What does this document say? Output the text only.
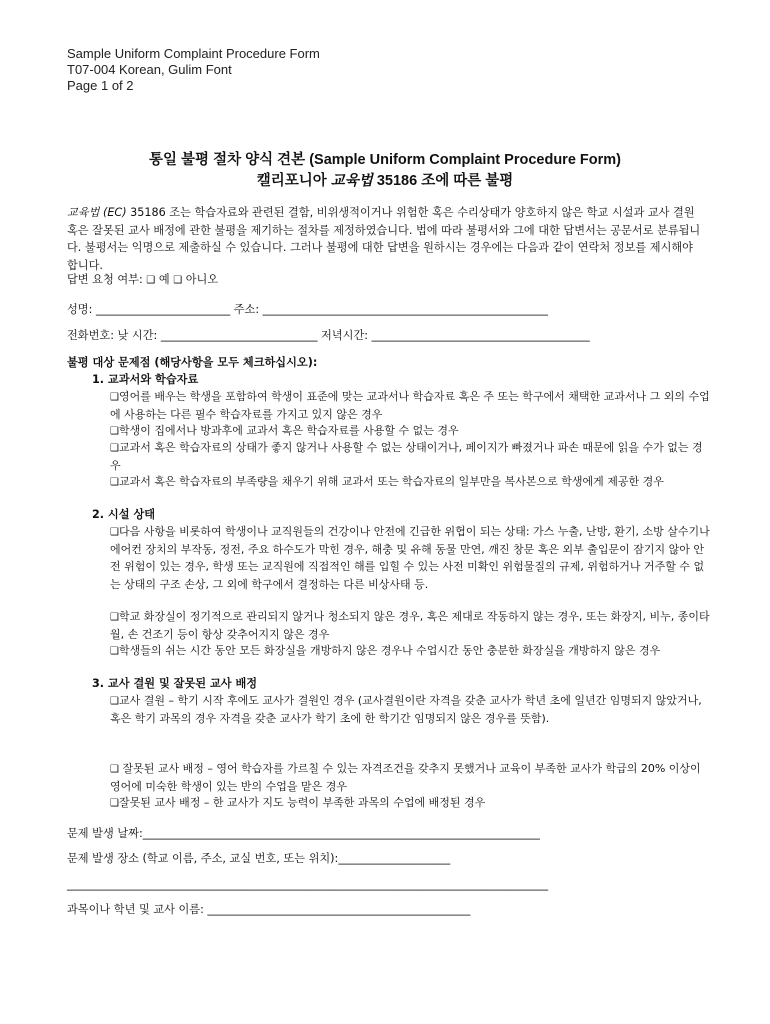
Sample Uniform Complaint Procedure Form
T07-004 Korean, Gulim Font
Page 1 of 2
통일 불평 절차 양식 견본 (Sample Uniform Complaint Procedure Form)
캘리포니아 교육법 35186 조에 따른 불평
교육법 (EC) 35186 조는 학습자료와 관련된 결함, 비위생적이거나 위험한 혹은 수리상태가 양호하지 않은 학교 시설과 교사 결원 혹은 잘못된 교사 배정에 관한 불평을 제기하는 절차를 제정하였습니다. 법에 따라 불평서와 그에 대한 답변서는 공문서로 분류됩니다. 불평서는 익명으로 제출하실 수 있습니다. 그러나 불평에 대한 답변을 원하시는 경우에는 다음과 같이 연락처 정보를 제시해야 합니다.
답변 요청 여부: ❑ 예 ❑ 아니오
성명: ________________________ 주소: ___________________________________________________
전화번호: 낮 시간: ____________________________ 저녁시간: _______________________________________
불평 대상 문제점 (해당사항을 모두 체크하십시오):
1. 교과서와 학습자료
❑영어를 배우는 학생을 포함하여 학생이 표준에 맞는 교과서나 학습자료 혹은 주 또는 학구에서 채택한 교과서나 그 외의 수업에 사용하는 다른 필수 학습자료를 가지고 있지 않은 경우
❑학생이 집에서나 방과후에 교과서 혹은 학습자료를 사용할 수 없는 경우
❑교과서 혹은 학습자료의 상태가 좋지 않거나 사용할 수 없는 상태이거나, 페이지가 빠졌거나 파손 때문에 읽을 수가 없는 경우
❑교과서 혹은 학습자료의 부족량을 채우기 위해 교과서 또는 학습자료의 일부만을 복사본으로 학생에게 제공한 경우
2. 시설 상태
❑다음 사항을 비롯하여 학생이나 교직원들의 건강이나 안전에 긴급한 위협이 되는 상태: 가스 누출, 난방, 환기, 소방 살수기나 에어컨 장치의 부작동, 정전, 주요 하수도가 막힌 경우, 해충 및 유해 동물 만연, 깨진 창문 혹은 외부 출입문이 잠기지 않아 안전 위험이 있는 경우, 학생 또는 교직원에 직접적인 해를 입힐 수 있는 사전 미확인 위험물질의 규제, 위험하거나 거주할 수 없는 상태의 구조 손상, 그 외에 학구에서 결정하는 다른 비상사태 등.
❑학교 화장실이 정기적으로 관리되지 않거나 청소되지 않은 경우, 혹은 제대로 작동하지 않는 경우, 또는 화장지, 비누, 종이타월, 손 건조기 등이 항상 갖추어지지 않은 경우
❑학생들의 쉬는 시간 동안 모든 화장실을 개방하지 않은 경우나 수업시간 동안 충분한 화장실을 개방하지 않은 경우
3. 교사 결원 및 잘못된 교사 배정
❑교사 결원 – 학기 시작 후에도 교사가 결원인 경우 (교사결원이란 자격을 갖춘 교사가 학년 초에 일년간 임명되지 않았거나, 혹은 학기 과목의 경우 자격을 갖춘 교사가 학기 초에 한 학기간 임명되지 않은 경우를 뜻함).
❑ 잘못된 교사 배정 – 영어 학습자를 가르칠 수 있는 자격조건을 갖추지 못했거나 교육이 부족한 교사가 학급의 20% 이상이 영어에 미숙한 학생이 있는 반의 수업을 맡은 경우
❑잘못된 교사 배정 – 한 교사가 지도 능력이 부족한 과목의 수업에 배정된 경우
문제 발생 날짜:_______________________________________________________________________
문제 발생 장소 (학교 이름, 주소, 교실 번호, 또는 위치):____________________
______________________________________________________________________________________
과목이나 학년 및 교사 이름: _______________________________________________
